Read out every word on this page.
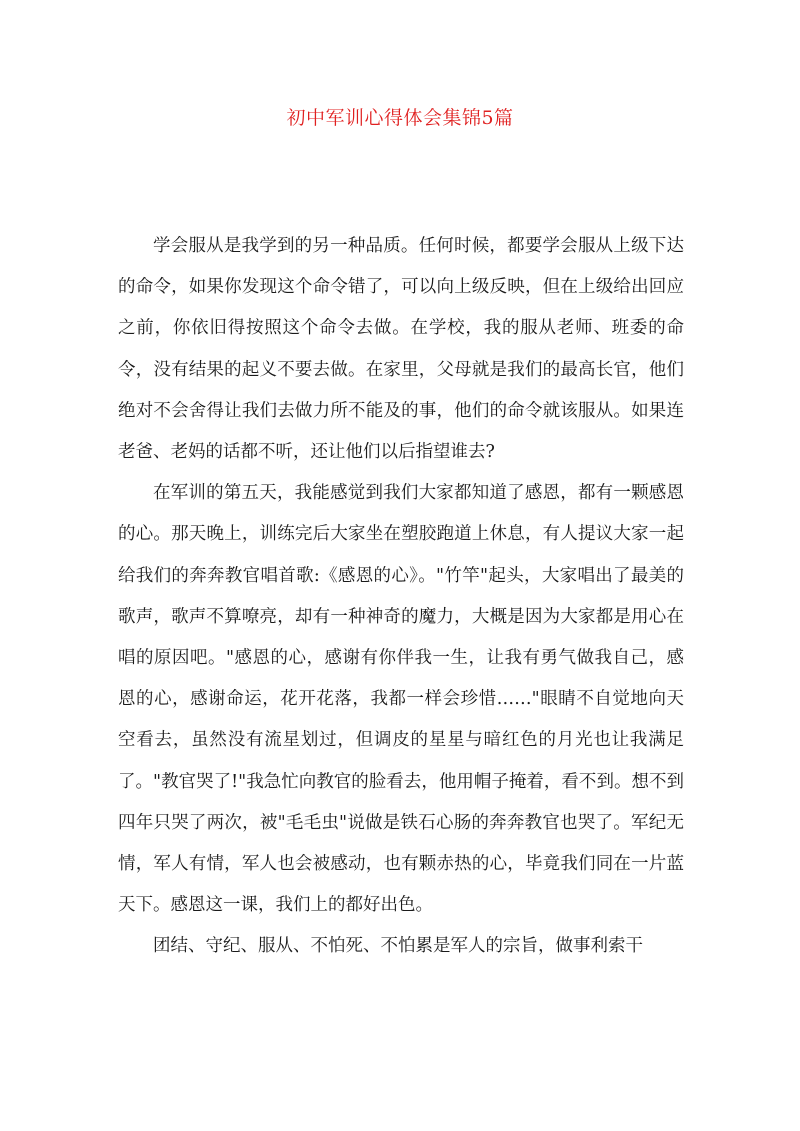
初中军训心得体会集锦5篇

学会服从是我学到的另一种品质。任何时候，都要学会服从上级下达的命令，如果你发现这个命令错了，可以向上级反映，但在上级给出回应之前，你依旧得按照这个命令去做。在学校，我的服从老师、班委的命令，没有结果的起义不要去做。在家里，父母就是我们的最高长官，他们绝对不会舍得让我们去做力所不能及的事，他们的命令就该服从。如果连老爸、老妈的话都不听，还让他们以后指望谁去?

在军训的第五天，我能感觉到我们大家都知道了感恩，都有一颗感恩的心。那天晚上，训练完后大家坐在塑胶跑道上休息，有人提议大家一起给我们的奔奔教官唱首歌:《感恩的心》。"竹竿"起头，大家唱出了最美的歌声，歌声不算嘹亮，却有一种神奇的魔力，大概是因为大家都是用心在唱的原因吧。"感恩的心，感谢有你伴我一生，让我有勇气做我自己，感恩的心，感谢命运，花开花落，我都一样会珍惜……"眼睛不自觉地向天空看去，虽然没有流星划过，但调皮的星星与暗红色的月光也让我满足了。"教官哭了!"我急忙向教官的脸看去，他用帽子掩着，看不到。想不到四年只哭了两次，被"毛毛虫"说做是铁石心肠的奔奔教官也哭了。军纪无情，军人有情，军人也会被感动，也有颗赤热的心，毕竟我们同在一片蓝天下。感恩这一课，我们上的都好出色。

团结、守纪、服从、不怕死、不怕累是军人的宗旨，做事利索干
